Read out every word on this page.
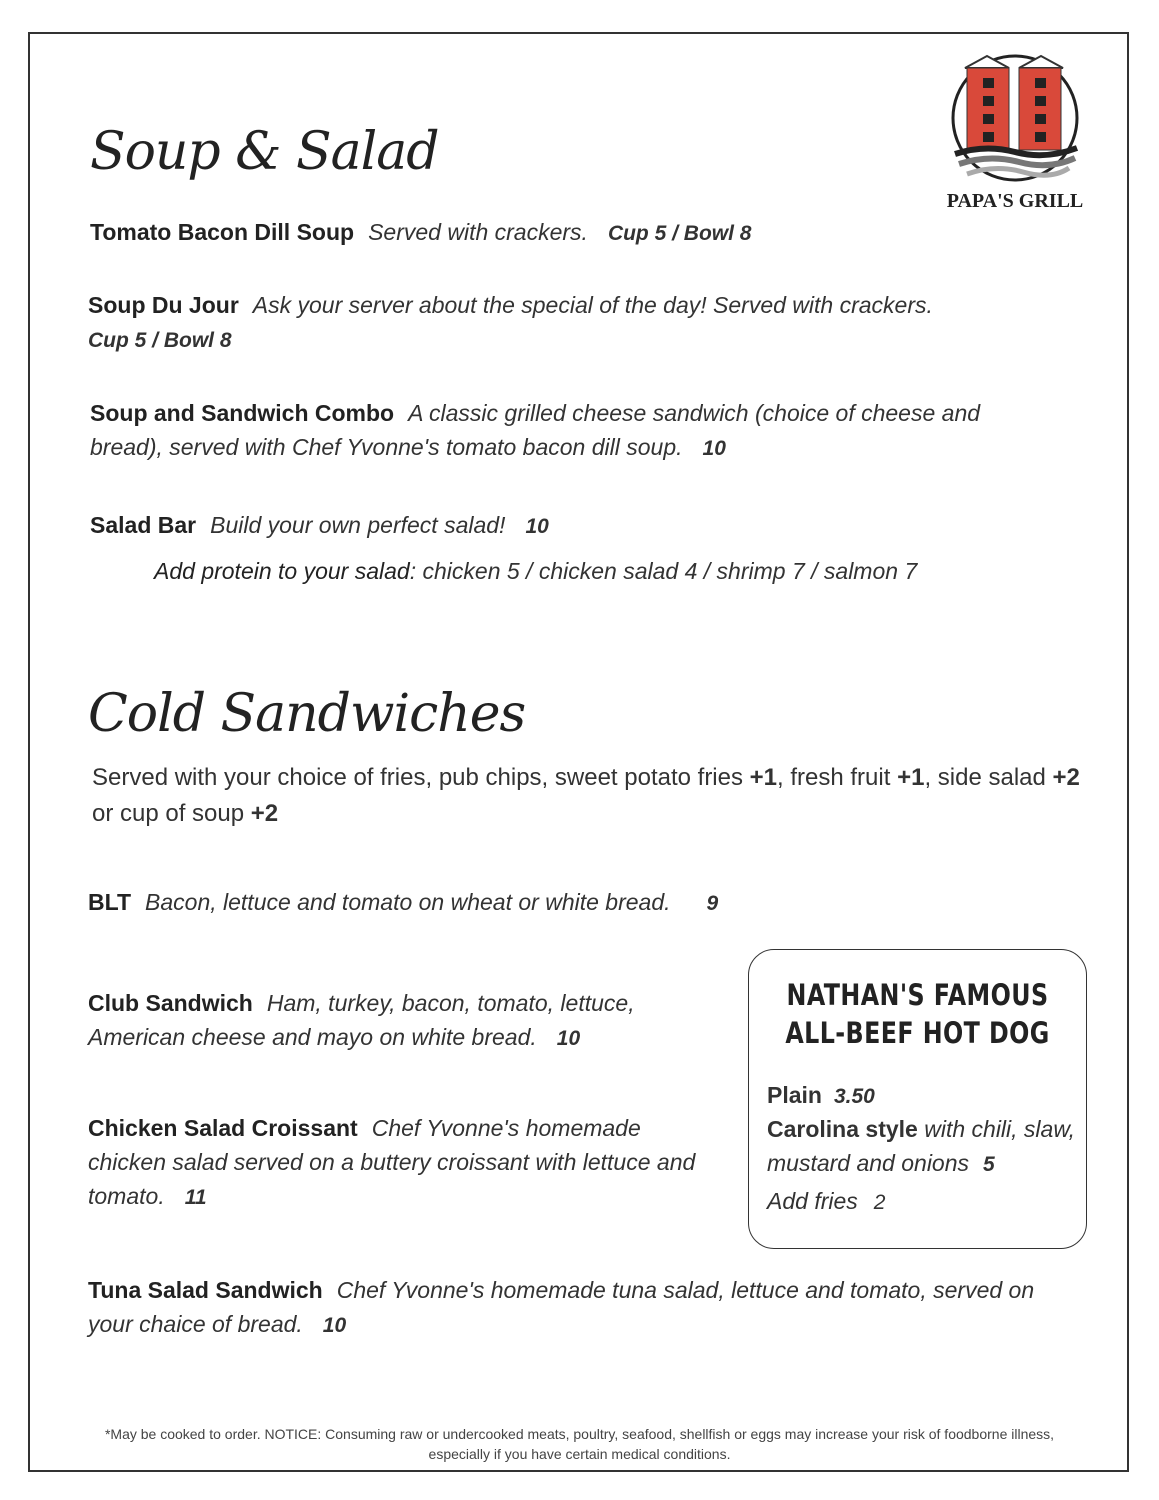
PAPA'S GRILL
Soup & Salad
Tomato Bacon Dill Soup Served with crackers. Cup 5 / Bowl 8
Soup Du Jour Ask your server about the special of the day! Served with crackers.
Cup 5 / Bowl 8
Soup and Sandwich Combo A classic grilled cheese sandwich (choice of cheese and bread), served with Chef Yvonne's tomato bacon dill soup. 10
Salad Bar Build your own perfect salad! 10
Add protein to your salad: chicken 5 / chicken salad 4 / shrimp 7 / salmon 7
Cold Sandwiches
Served with your choice of fries, pub chips, sweet potato fries +1, fresh fruit +1, side salad +2 or cup of soup +2
BLT Bacon, lettuce and tomato on wheat or white bread. 9
Club Sandwich Ham, turkey, bacon, tomato, lettuce, American cheese and mayo on white bread. 10
Chicken Salad Croissant Chef Yvonne's homemade chicken salad served on a buttery croissant with lettuce and tomato. 11
Tuna Salad Sandwich Chef Yvonne's homemade tuna salad, lettuce and tomato, served on your chaice of bread. 10
NATHAN'S FAMOUS
ALL-BEEF HOT DOG
Plain 3.50
Carolina style with chili, slaw, mustard and onions 5
Add fries 2
*May be cooked to order. NOTICE: Consuming raw or undercooked meats, poultry, seafood, shellfish or eggs may increase your risk of foodborne illness,
especially if you have certain medical conditions.
